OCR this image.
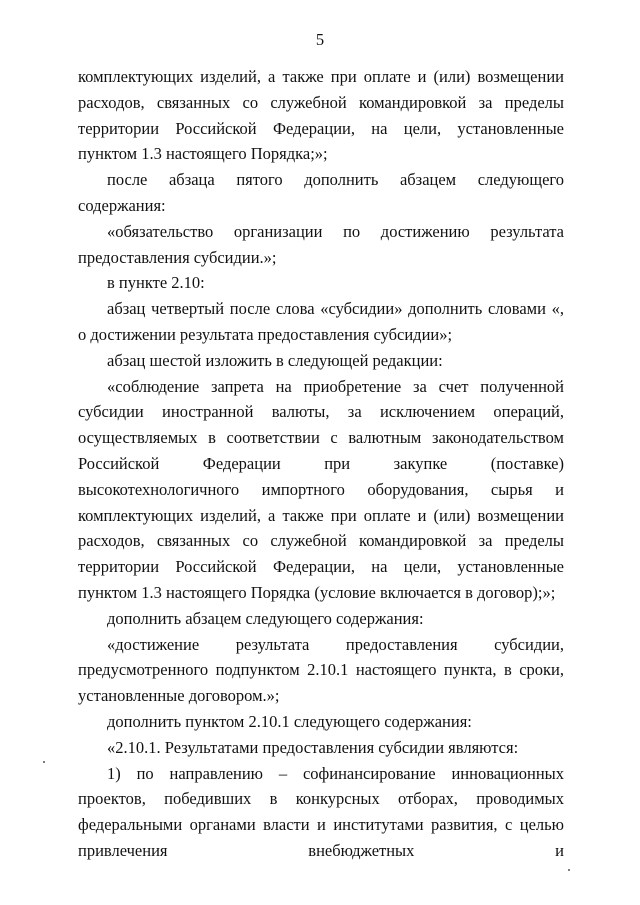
5

комплектующих изделий, а также при оплате и (или) возмещении расходов, связанных со служебной командировкой за пределы территории Российской Федерации, на цели, установленные пунктом 1.3 настоящего Порядка;»;

после абзаца пятого дополнить абзацем следующего содержания:

«обязательство организации по достижению результата предоставления субсидии.»;

в пункте 2.10:

абзац четвертый после слова «субсидии» дополнить словами «, о достижении результата предоставления субсидии»;

абзац шестой изложить в следующей редакции:

«соблюдение запрета на приобретение за счет полученной субсидии иностранной валюты, за исключением операций, осуществляемых в соответствии с валютным законодательством Российской Федерации при закупке (поставке) высокотехнологичного импортного оборудования, сырья и комплектующих изделий, а также при оплате и (или) возмещении расходов, связанных со служебной командировкой за пределы территории Российской Федерации, на цели, установленные пунктом 1.3 настоящего Порядка (условие включается в договор);»;

дополнить абзацем следующего содержания:

«достижение результата предоставления субсидии, предусмотренного подпунктом 2.10.1 настоящего пункта, в сроки, установленные договором.»;

дополнить пунктом 2.10.1 следующего содержания:

«2.10.1. Результатами предоставления субсидии являются:

1) по направлению – софинансирование инновационных проектов, победивших в конкурсных отборах, проводимых федеральными органами власти и институтами развития, с целью привлечения внебюджетных и
